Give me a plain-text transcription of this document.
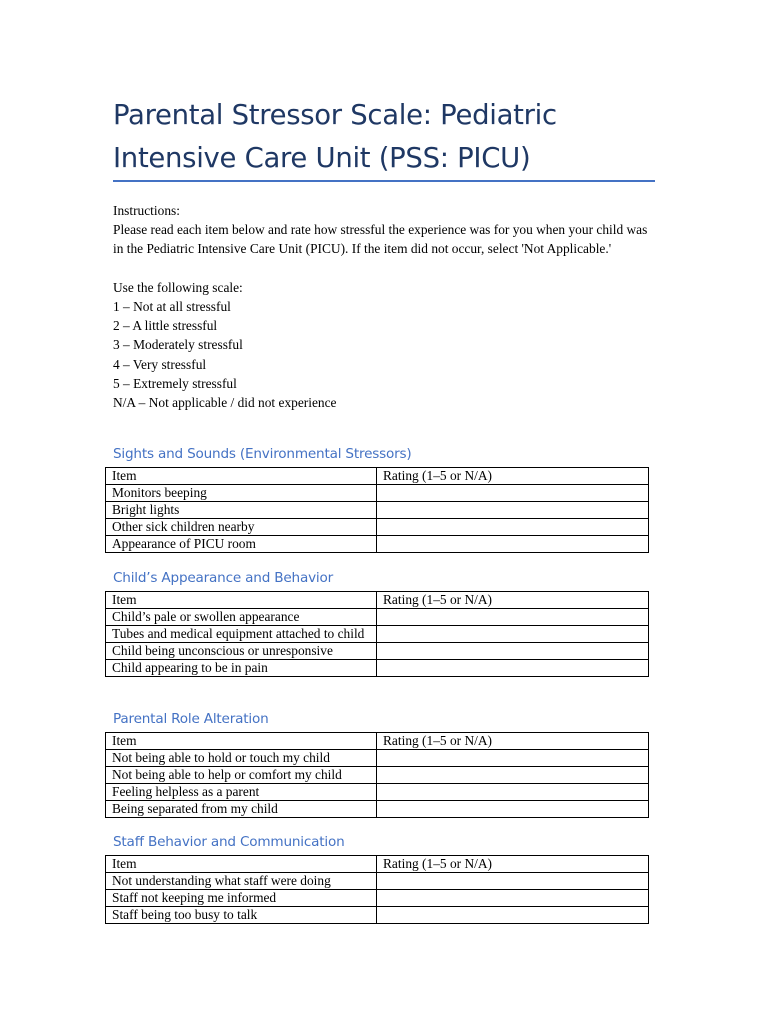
Parental Stressor Scale: Pediatric Intensive Care Unit (PSS: PICU)

Instructions:

Please read each item below and rate how stressful the experience was for you when your child was in the Pediatric Intensive Care Unit (PICU). If the item did not occur, select 'Not Applicable.'

Use the following scale:

1 – Not at all stressful

2 – A little stressful

3 – Moderately stressful

4 – Very stressful

5 – Extremely stressful

N/A – Not applicable / did not experience

Sights and Sounds (Environmental Stressors)
Item	Rating (1–5 or N/A)
Monitors beeping	
Bright lights	
Other sick children nearby	
Appearance of PICU room	
Child’s Appearance and Behavior
Item	Rating (1–5 or N/A)
Child’s pale or swollen appearance	
Tubes and medical equipment attached to child	
Child being unconscious or unresponsive	
Child appearing to be in pain	
Parental Role Alteration
Item	Rating (1–5 or N/A)
Not being able to hold or touch my child	
Not being able to help or comfort my child	
Feeling helpless as a parent	
Being separated from my child	
Staff Behavior and Communication
Item	Rating (1–5 or N/A)
Not understanding what staff were doing	
Staff not keeping me informed	
Staff being too busy to talk	
